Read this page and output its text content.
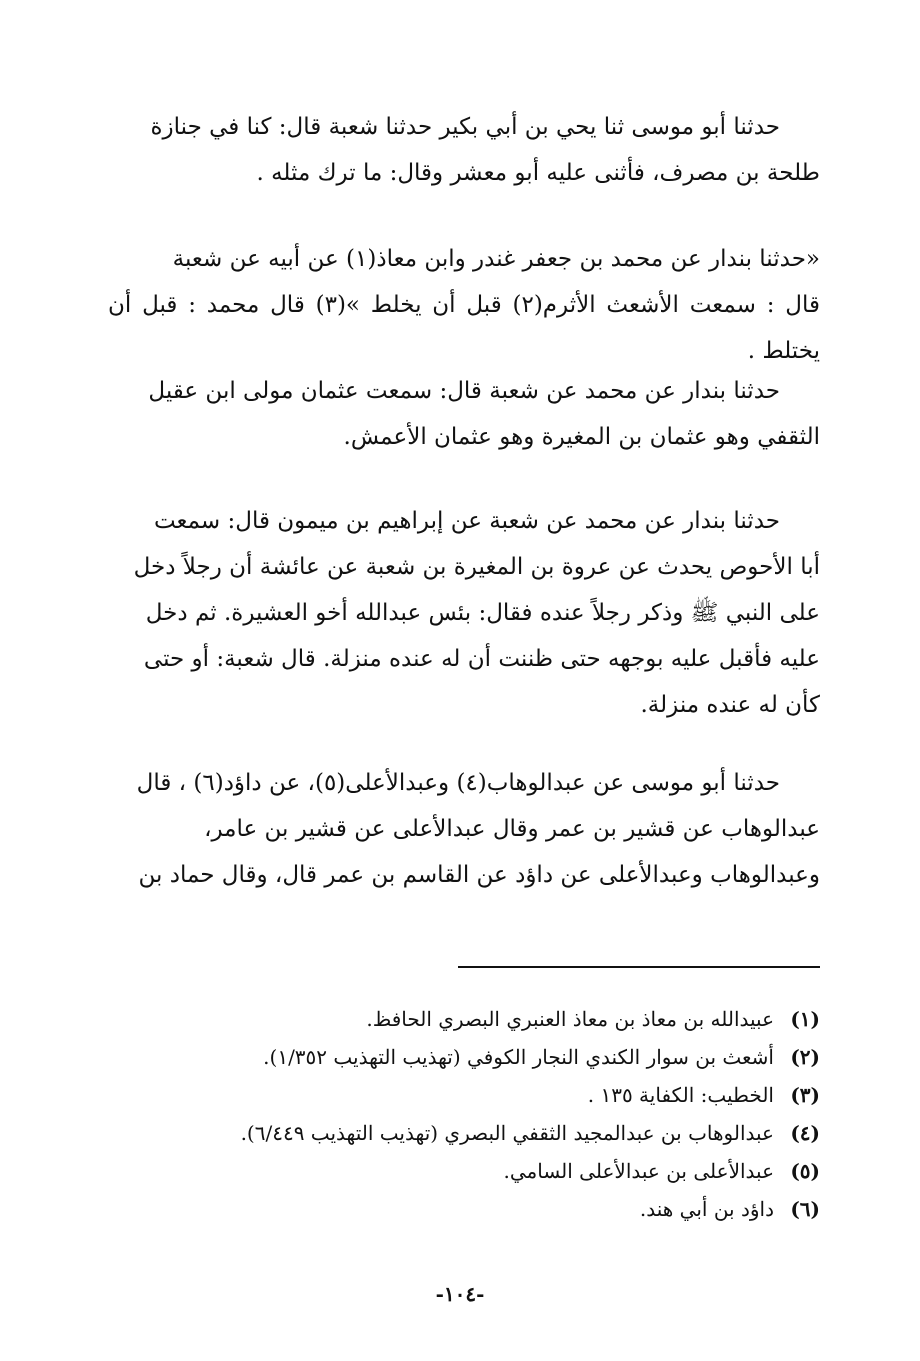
حدثنا أبو موسى ثنا يحي بن أبي بكير حدثنا شعبة قال: كنا في جنازة
طلحة بن مصرف، فأثنى عليه أبو معشر وقال: ما ترك مثله .
«حدثنا بندار عن محمد بن جعفر غندر وابن معاذ(١) عن أبيه عن شعبة
قال : سمعت الأشعث الأثرم(٢) قبل أن يخلط »(٣) قال محمد : قبل أن يختلط .
حدثنا بندار عن محمد عن شعبة قال: سمعت عثمان مولى ابن عقيل
الثقفي وهو عثمان بن المغيرة وهو عثمان الأعمش.
حدثنا بندار عن محمد عن شعبة عن إبراهيم بن ميمون قال: سمعت
أبا الأحوص يحدث عن عروة بن المغيرة بن شعبة عن عائشة أن رجلاً دخل
على النبي ﷺ وذكر رجلاً عنده فقال: بئس عبدالله أخو العشيرة. ثم دخل
عليه فأقبل عليه بوجهه حتى ظننت أن له عنده منزلة. قال شعبة: أو حتى
كأن له عنده منزلة.
حدثنا أبو موسى عن عبدالوهاب(٤) وعبدالأعلى(٥)، عن داؤد(٦) ، قال
عبدالوهاب عن قشير بن عمر وقال عبدالأعلى عن قشير بن عامر،
وعبدالوهاب وعبدالأعلى عن داؤد عن القاسم بن عمر قال، وقال حماد بن
(١)
عبيدالله بن معاذ بن معاذ العنبري البصري الحافظ.
(٢)
أشعث بن سوار الكندي النجار الكوفي (تهذيب التهذيب ١/٣٥٢).
(٣)
الخطيب: الكفاية ١٣٥ .
(٤)
عبدالوهاب بن عبدالمجيد الثقفي البصري (تهذيب التهذيب ٦/٤٤٩).
(٥)
عبدالأعلى بن عبدالأعلى السامي.
(٦)
داؤد بن أبي هند.
-١٠٤-
